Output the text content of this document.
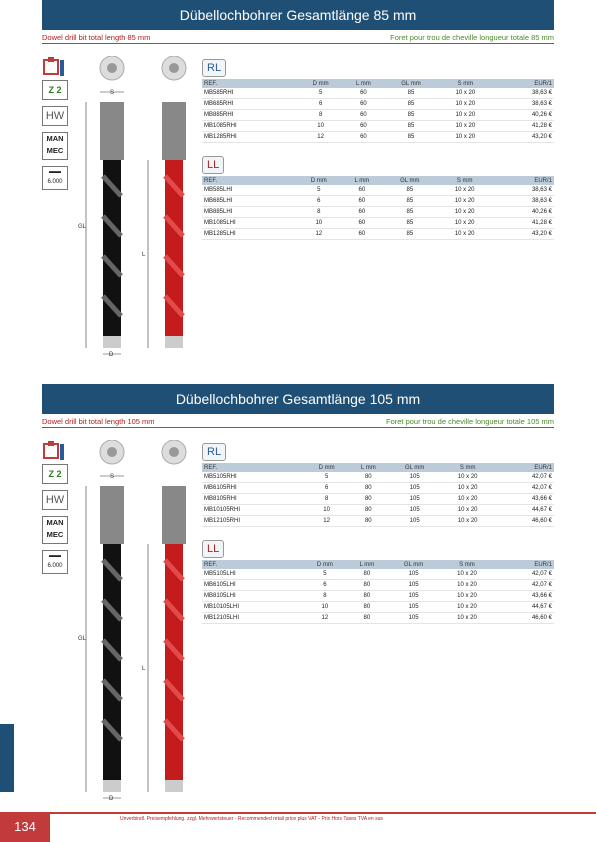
Dübellochbohrer Gesamtlänge 85 mm
Dowel drill bit total length 85 mm	Foret pour trou de cheville longueur totale 85 mm
Z 2
HW
MAN
MEC
▬▬
6.000
S
GL
L
D
RL
REF.	D mm	L mm	GL mm	S mm	EUR/1
MB585RHI	5	60	85	10 x 20	38,63 €
MB685RHI	6	60	85	10 x 20	38,63 €
MB885RHI	8	60	85	10 x 20	40,26 €
MB1085RHI	10	60	85	10 x 20	41,28 €
MB1285RHI	12	60	85	10 x 20	43,20 €
LL
REF.	D mm	L mm	GL mm	S mm	EUR/1
MB585LHI	5	60	85	10 x 20	38,63 €
MB685LHI	6	60	85	10 x 20	38,63 €
MB885LHI	8	60	85	10 x 20	40,26 €
MB1085LHI	10	60	85	10 x 20	41,28 €
MB1285LHI	12	60	85	10 x 20	43,20 €
Dübellochbohrer Gesamtlänge 105 mm
Dowel drill bit total length 105 mm	Foret pour trou de cheville longueur totale 105 mm
Z 2
HW
MAN
MEC
▬▬
6.000
S
GL
L
D
RL
REF.	D mm	L mm	GL mm	S mm	EUR/1
MB5105RHI	5	80	105	10 x 20	42,07 €
MB6105RHI	6	80	105	10 x 20	42,07 €
MB8105RHI	8	80	105	10 x 20	43,66 €
MB10105RHI	10	80	105	10 x 20	44,67 €
MB12105RHI	12	80	105	10 x 20	46,60 €
LL
REF.	D mm	L mm	GL mm	S mm	EUR/1
MB5105LHI	5	80	105	10 x 20	42,07 €
MB6105LHI	6	80	105	10 x 20	42,07 €
MB8105LHI	8	80	105	10 x 20	43,66 €
MB10105LHI	10	80	105	10 x 20	44,67 €
MB12105LHI	12	80	105	10 x 20	46,60 €
134	Unverbindl. Preisempfehlung. zzgl. Mehrwertsteuer - Recommended retail price plus VAT - Prix Hors Taxes TVA en sus
